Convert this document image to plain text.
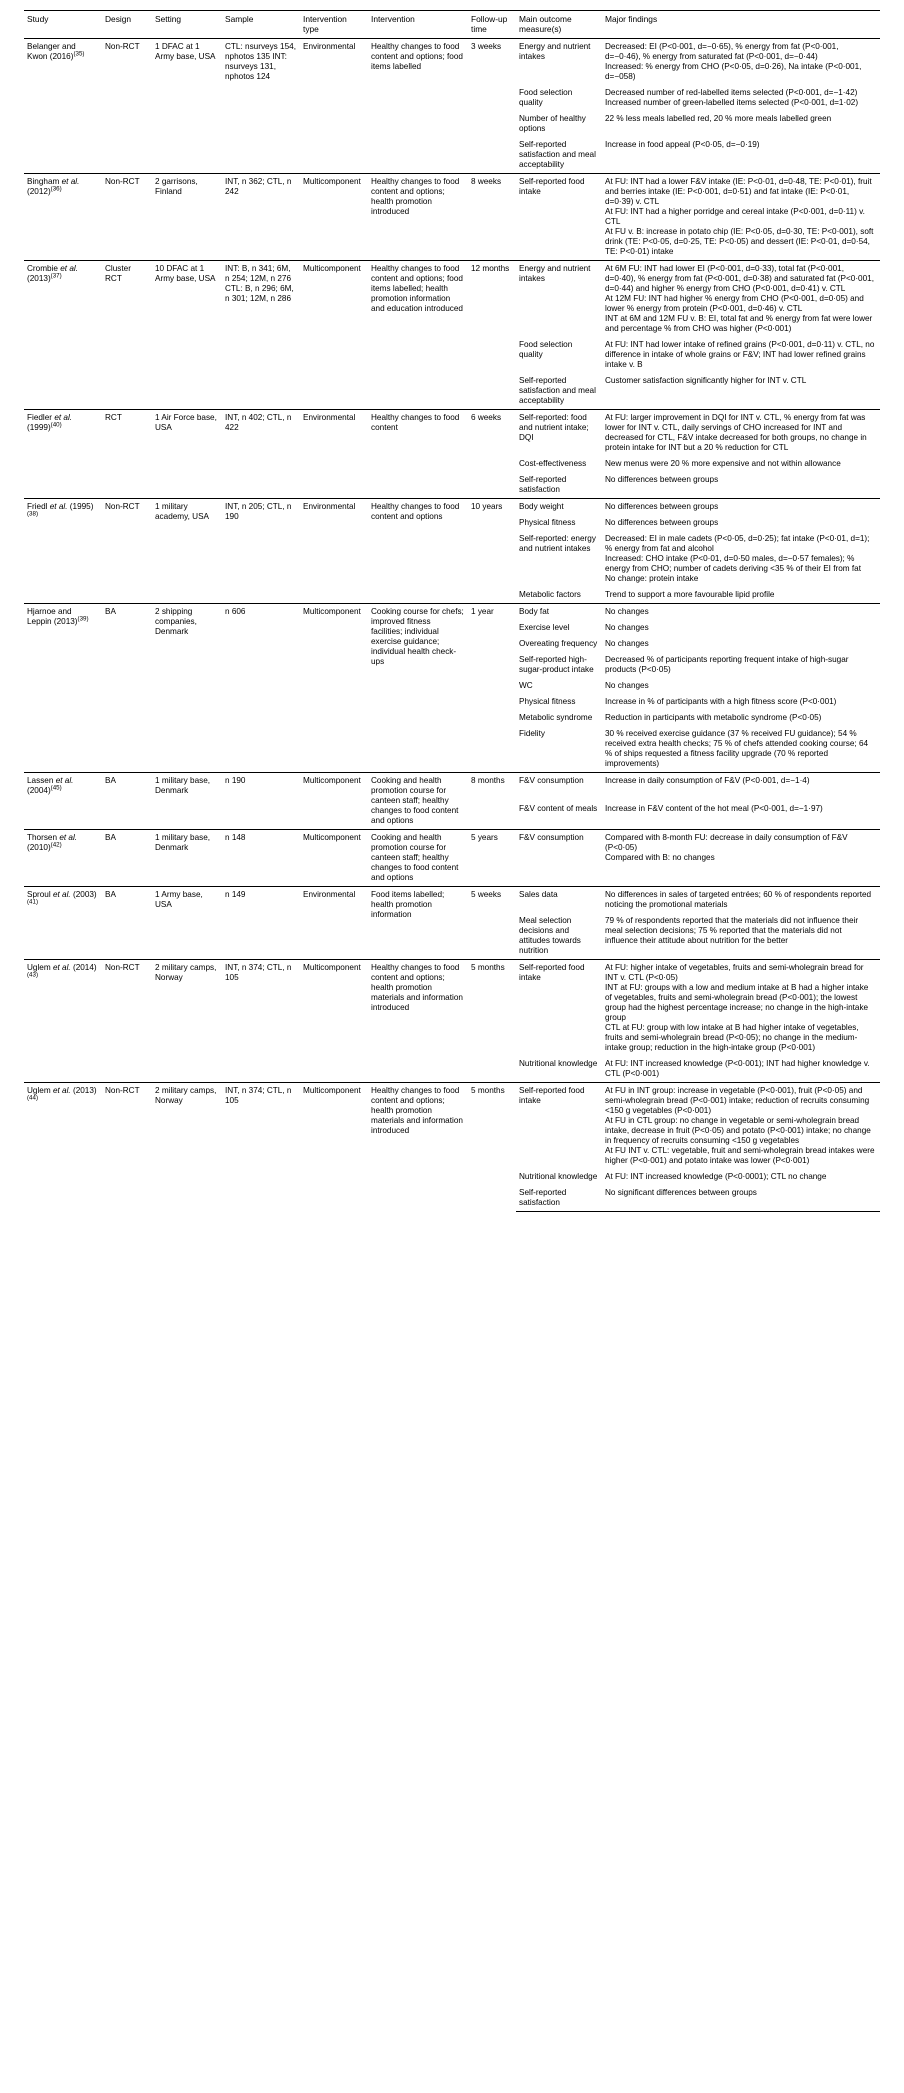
Study	Design	Setting	Sample	Intervention type	Intervention	Follow-up time	Main outcome measure(s)	Major findings
Belanger and Kwon $(2016)^{(35)}$	Non-RCT	1 DFAC at 1 Army base, USA	CTL: nsurveys 154, nphotos 135 INT: nsurveys 131, nphotos 124	Environmental	Healthy changes to food content and options; food items labelled	3 weeks	Energy and nutrient intakes	Decreased: EI (P<0·001, d=−0·65), % energy from fat (P<0·001, d=−0·46), % energy from saturated fat (P<0·001, d=−0·44)
Increased: % energy from CHO (P<0·05, d=0·26), Na intake (P<0·001, d=−058)

							Food selection quality	Decreased number of red-labelled items selected (P<0·001, d=−1·42)
Increased number of green-labelled items selected (P<0·001, d=1·02)

							Number of healthy options	22 % less meals labelled red, 20 % more meals labelled green

							Self-reported satisfaction and meal acceptability	Increase in food appeal (P<0·05, d=−0·19)

Bingham et al. $(2012)^{(36)}$	Non-RCT	2 garrisons, Finland	INT, n 362; CTL, n 242	Multicomponent	Healthy changes to food content and options; health promotion introduced	8 weeks	Self-reported food intake	At FU: INT had a lower F&V intake (IE: P<0·01, d=0·48, TE: P<0·01), fruit and berries intake (IE: P<0·001, d=0·51) and fat intake (IE: P<0·01, d=0·39) v. CTL
At FU: INT had a higher porridge and cereal intake (P<0·001, d=0·11) v. CTL
At FU v. B: increase in potato chip (IE: P<0·05, d=0·30, TE: P<0·001), soft drink (TE: P<0·05, d=0·25, TE: P<0·05) and dessert (IE: P<0·01, d=0·54, TE: P<0·01) intake

Crombie et al. $(2013)^{(37)}$	Cluster RCT	10 DFAC at 1 Army base, USA	INT: B, n 341; 6M, n 254; 12M, n 276 CTL: B, n 296; 6M, n 301; 12M, n 286	Multicomponent	Healthy changes to food content and options; food items labelled; health promotion information and education introduced	12 months	Energy and nutrient intakes	At 6M FU: INT had lower EI (P<0·001, d=0·33), total fat (P<0·001, d=0·40), % energy from fat (P<0·001, d=0·38) and saturated fat (P<0·001, d=0·44) and higher % energy from CHO (P<0·001, d=0·41) v. CTL
At 12M FU: INT had higher % energy from CHO (P<0·001, d=0·05) and lower % energy from protein (P<0·001, d=0·46) v. CTL
INT at 6M and 12M FU v. B: EI, total fat and % energy from fat were lower and percentage % from CHO was higher (P<0·001)

							Food selection quality	At FU: INT had lower intake of refined grains (P<0·001, d=0·11) v. CTL, no difference in intake of whole grains or F&V; INT had lower refined grains intake v. B

							Self-reported satisfaction and meal acceptability	Customer satisfaction significantly higher for INT v. CTL

Fiedler et al. $(1999)^{(40)}$	RCT	1 Air Force base, USA	INT, n 402; CTL, n 422	Environmental	Healthy changes to food content	6 weeks	Self-reported: food and nutrient intake; DQI	At FU: larger improvement in DQI for INT v. CTL, % energy from fat was lower for INT v. CTL, daily servings of CHO increased for INT and decreased for CTL, F&V intake decreased for both groups, no change in protein intake for INT but a 20 % reduction for CTL

							Cost-effectiveness	New menus were 20 % more expensive and not within allowance

							Self-reported satisfaction	No differences between groups

Friedl et al. $(1995)^{(38)}$	Non-RCT	1 military academy, USA	INT, n 205; CTL, n 190	Environmental	Healthy changes to food content and options	10 years	Body weight	No differences between groups

							Physical fitness	No differences between groups

							Self-reported: energy and nutrient intakes	Decreased: EI in male cadets (P<0·05, d=0·25); fat intake (P<0·01, d=1); % energy from fat and alcohol
Increased: CHO intake (P<0·01, d=0·50 males, d=−0·57 females); % energy from CHO; number of cadets deriving <35 % of their EI from fat
No change: protein intake

							Metabolic factors	Trend to support a more favourable lipid profile

Hjarnoe and Leppin $(2013)^{(39)}$	BA	2 shipping companies, Denmark	n 606	Multicomponent	Cooking course for chefs; improved fitness facilities; individual exercise guidance; individual health check-ups	1 year	Body fat	No changes

							Exercise level	No changes

							Overeating frequency	No changes

							Self-reported high-sugar-product intake	Decreased % of participants reporting frequent intake of high-sugar products (P<0·05)

							WC	No changes

							Physical fitness	Increase in % of participants with a high fitness score (P<0·001)

							Metabolic syndrome	Reduction in participants with metabolic syndrome (P<0·05)

							Fidelity	30 % received exercise guidance (37 % received FU guidance); 54 % received extra health checks; 75 % of chefs attended cooking course; 64 % of ships requested a fitness facility upgrade (70 % reported improvements)

Lassen et al. $(2004)^{(45)}$	BA	1 military base, Denmark	n 190	Multicomponent	Cooking and health promotion course for canteen staff; healthy changes to food content and options	8 months	F&V consumption	Increase in daily consumption of F&V (P<0·001, d=−1·4)

							F&V content of meals	Increase in F&V content of the hot meal (P<0·001, d=−1·97)

Thorsen et al. $(2010)^{(42)}$	BA	1 military base, Denmark	n 148	Multicomponent	Cooking and health promotion course for canteen staff; healthy changes to food content and options	5 years	F&V consumption	Compared with 8-month FU: decrease in daily consumption of F&V (P<0·05)
Compared with B: no changes

Sproul et al. $(2003)^{(41)}$	BA	1 Army base, USA	n 149	Environmental	Food items labelled; health promotion information	5 weeks	Sales data	No differences in sales of targeted entrées; 60 % of respondents reported noticing the promotional materials

							Meal selection decisions and attitudes towards nutrition	79 % of respondents reported that the materials did not influence their meal selection decisions; 75 % reported that the materials did not influence their attitude about nutrition for the better

Uglem et al. $(2014)^{(43)}$	Non-RCT	2 military camps, Norway	INT, n 374; CTL, n 105	Multicomponent	Healthy changes to food content and options; health promotion materials and information introduced	5 months	Self-reported food intake	At FU: higher intake of vegetables, fruits and semi-wholegrain bread for INT v. CTL (P<0·05)
INT at FU: groups with a low and medium intake at B had a higher intake of vegetables, fruits and semi-wholegrain bread (P<0·001); the lowest group had the highest percentage increase; no change in the high-intake group
CTL at FU: group with low intake at B had higher intake of vegetables, fruits and semi-wholegrain bread (P<0·05); no change in the medium-intake group; reduction in the high-intake group (P<0·001)

							Nutritional knowledge	At FU: INT increased knowledge (P<0·001); INT had higher knowledge v. CTL (P<0·001)

Uglem et al. $(2013)^{(44)}$	Non-RCT	2 military camps, Norway	INT, n 374; CTL, n 105	Multicomponent	Healthy changes to food content and options; health promotion materials and information introduced	5 months	Self-reported food intake	At FU in INT group: increase in vegetable (P<0·001), fruit (P<0·05) and semi-wholegrain bread (P<0·001) intake; reduction of recruits consuming <150 g vegetables (P<0·001)
At FU in CTL group: no change in vegetable or semi-wholegrain bread intake, decrease in fruit (P<0·05) and potato (P<0·001) intake; no change in frequency of recruits consuming <150 g vegetables
At FU INT v. CTL: vegetable, fruit and semi-wholegrain bread intakes were higher (P<0·001) and potato intake was lower (P<0·001)

							Nutritional knowledge	At FU: INT increased knowledge (P<0·0001); CTL no change

							Self-reported satisfaction	No significant differences between groups
